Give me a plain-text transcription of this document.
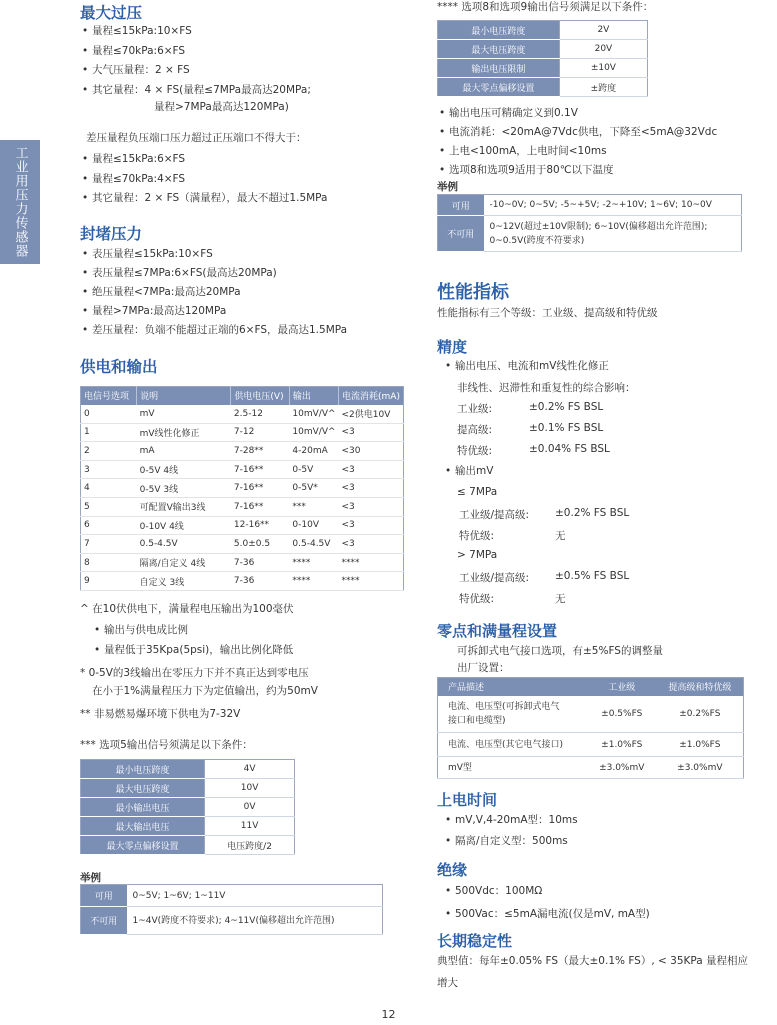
工业用压力传感器
最大过压
• 量程≤15kPa:10×FS
• 量程≤70kPa:6×FS
• 大气压量程：2 × FS
• 其它量程：4 × FS(量程≤7MPa最高达20MPa;
量程>7MPa最高达120MPa)
差压量程负压端口压力超过正压端口不得大于：
• 量程≤15kPa:6×FS
• 量程≤70kPa:4×FS
• 其它量程：2 × FS（满量程），最大不超过1.5MPa
封堵压力
• 表压量程≤15kPa:10×FS
• 表压量程≤7MPa:6×FS(最高达20MPa)
• 绝压量程<7MPa:最高达20MPa
• 量程>7MPa:最高达120MPa
• 差压量程：负端不能超过正端的6×FS，最高达1.5MPa
供电和输出
电信号选项	说明	供电电压(V)	输出	电流消耗(mA)
0	mV	2.5-12	10mV/V^	<2供电10V
1	mV线性化修正	7-12	10mV/V^	<3
2	mA	7-28**	4-20mA	<30
3	0-5V 4线	7-16**	0-5V	<3
4	0-5V 3线	7-16**	0-5V*	<3
5	可配置V输出3线	7-16**	***	<3
6	0-10V 4线	12-16**	0-10V	<3
7	0.5-4.5V	5.0±0.5	0.5-4.5V	<3
8	隔离/自定义 4线	7-36	****	****
9	自定义 3线	7-36	****	****
^ 在10伏供电下，满量程电压输出为100毫伏
• 输出与供电成比例
• 量程低于35Kpa(5psi)，输出比例化降低
* 0-5V的3线输出在零压力下并不真正达到零电压
在小于1%满量程压力下为定值输出，约为50mV
** 非易燃易爆环境下供电为7-32V
*** 选项5输出信号须满足以下条件：
最小电压跨度	4V
最大电压跨度	10V
最小输出电压	0V
最大输出电压	11V
最大零点偏移设置	电压跨度/2
举例
可用	0~5V; 1~6V; 1~11V
不可用	1~4V(跨度不符要求); 4~11V(偏移超出允许范围)
**** 选项8和选项9输出信号须满足以下条件：
最小电压跨度	2V
最大电压跨度	20V
输出电压限制	±10V
最大零点偏移设置	±跨度
• 输出电压可精确定义到0.1V
• 电流消耗：<20mA@7Vdc供电，下降至<5mA@32Vdc
• 上电<100mA，上电时间<10ms
• 选项8和选项9适用于80℃以下温度
举例
可用	-10~0V; 0~5V; -5~+5V; -2~+10V; 1~6V; 10~0V
不可用	0~12V(超过±10V限制); 6~10V(偏移超出允许范围);
0~0.5V(跨度不符要求)
性能指标
性能指标有三个等级：工业级、提高级和特优级
精度
• 输出电压、电流和mV线性化修正
非线性、迟滞性和重复性的综合影响：
工业级:	±0.2% FS BSL
提高级:	±0.1% FS BSL
特优级:	±0.04% FS BSL
• 输出mV
≤ 7MPa
工业级/提高级: ±0.2% FS BSL
特优级:	无
> 7MPa
工业级/提高级: ±0.5% FS BSL
特优级:	无
零点和满量程设置
可拆卸式电气接口选项，有±5%FS的调整量
出厂设置：
产品描述	工业级	提高级和特优级
电流、电压型(可拆卸式电气
接口和电缆型)	±0.5%FS	±0.2%FS
电流、电压型(其它电气接口)	±1.0%FS	±1.0%FS
mV型	±3.0%mV	±3.0%mV
上电时间
• mV,V,4-20mA型：10ms
• 隔离/自定义型：500ms
绝缘
• 500Vdc：100MΩ
• 500Vac：≤5mA漏电流(仅是mV, mA型)
长期稳定性
典型值：每年±0.05% FS（最大±0.1% FS）, < 35KPa 量程相应
增大
12
